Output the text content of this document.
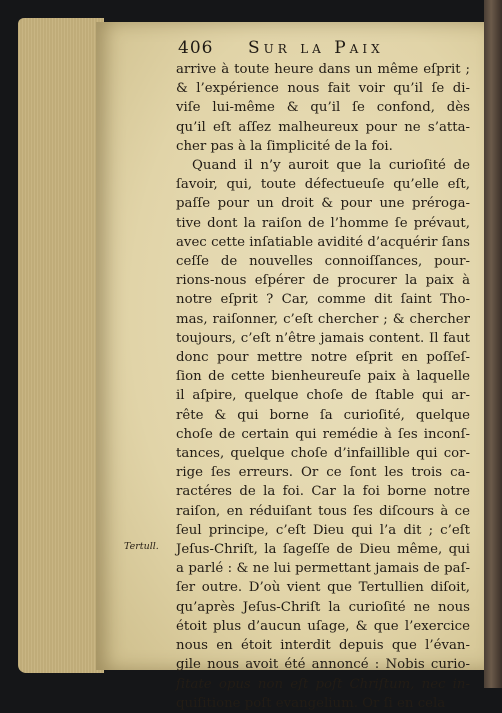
406 Sur la Paix
Tertull.
arrive à toute heure dans un même eſprit ;
& l’expérience nous fait voir qu’il ſe di-
viſe lui-même & qu’il ſe confond, dès
qu’il eſt aſſez malheureux pour ne s’atta-
cher pas à la ſimplicité de la foi.
Quand il n’y auroit que la curioſité de
ſavoir, qui, toute défectueuſe qu’elle eſt,
paſſe pour un droit & pour une préroga-
tive dont la raiſon de l’homme ſe prévaut,
avec cette inſatiable avidité d’acquérir ſans
ceſſe de nouvelles connoiſſances, pour-
rions-nous eſpérer de procurer la paix à
notre eſprit ? Car, comme dit ſaint Tho-
mas, raiſonner, c’eſt chercher ; & chercher
toujours, c’eſt n’être jamais content. Il faut
donc pour mettre notre eſprit en poſſeſ-
ſion de cette bienheureuſe paix à laquelle
il aſpire, quelque choſe de ſtable qui ar-
rête & qui borne ſa curioſité, quelque
choſe de certain qui remédie à ſes inconſ-
tances, quelque choſe d’infaillible qui cor-
rige ſes erreurs. Or ce ſont les trois ca-
ractéres de la foi. Car la foi borne notre
raiſon, en réduiſant tous ſes diſcours à ce
ſeul principe, c’eſt Dieu qui l’a dit ; c’eſt
Jeſus-Chriſt, la ſageſſe de Dieu même, qui
a parlé : & ne lui permettant jamais de paſ-
ſer outre. D’où vient que Tertullien diſoit,
qu’après Jeſus-Chriſt la curioſité ne nous
étoit plus d’aucun uſage, & que l’exercice
nous en étoit interdit depuis que l’évan-
gile nous avoit été annoncé : Nobis curio-
ſitate opus non eſt poſt Chriſtum, nec in-
quiſitione poſt evangelium. Or ſi en cela
